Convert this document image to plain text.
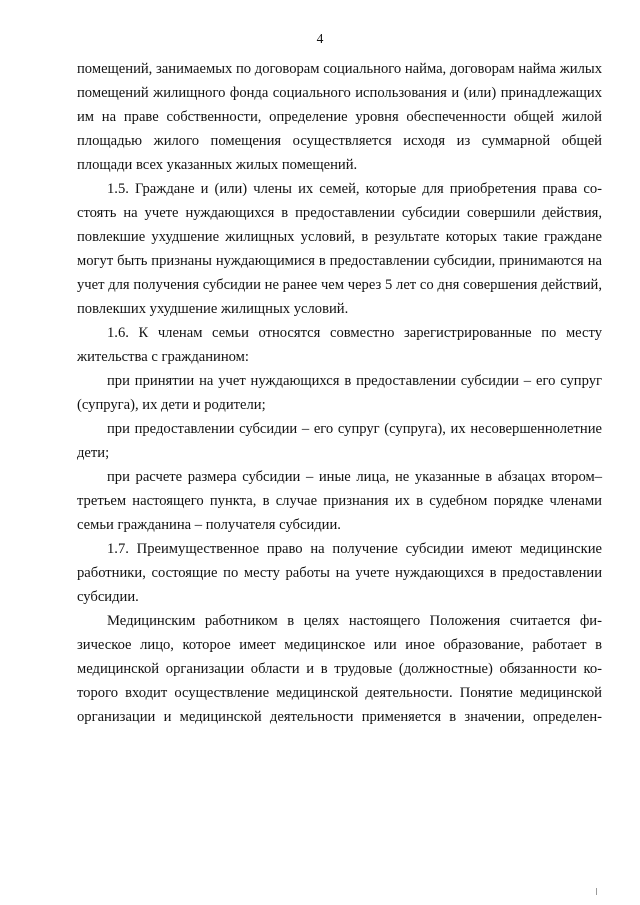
4

помещений, занимаемых по договорам социального найма, договорам найма жилых помещений жилищного фонда социального использования и (или) принадлежащих им на праве собственности, определение уровня обеспеченности общей жилой площадью жилого помещения осуществляется исходя из суммарной общей площади всех указанных жилых помещений.

1.5. Граждане и (или) члены их семей, которые для приобретения права состоять на учете нуждающихся в предоставлении субсидии совершили действия, повлекшие ухудшение жилищных условий, в результате которых такие граждане могут быть признаны нуждающимися в предоставлении субсидии, принимаются на учет для получения субсидии не ранее чем через 5 лет со дня совершения действий, повлекших ухудшение жилищных условий.

1.6. К членам семьи относятся совместно зарегистрированные по месту жительства с гражданином:

при принятии на учет нуждающихся в предоставлении субсидии – его супруг (супруга), их дети и родители;

при предоставлении субсидии – его супруг (супруга), их несовершеннолетние дети;

при расчете размера субсидии – иные лица, не указанные в абзацах втором– третьем настоящего пункта, в случае признания их в судебном порядке членами семьи гражданина – получателя субсидии.

1.7. Преимущественное право на получение субсидии имеют медицинские работники, состоящие по месту работы на учете нуждающихся в предоставлении субсидии.

Медицинским работником в целях настоящего Положения считается физическое лицо, которое имеет медицинское или иное образование, работает в медицинской организации области и в трудовые (должностные) обязанности которого входит осуществление медицинской деятельности. Понятие медицинской организации и медицинской деятельности применяется в значении, определен-
